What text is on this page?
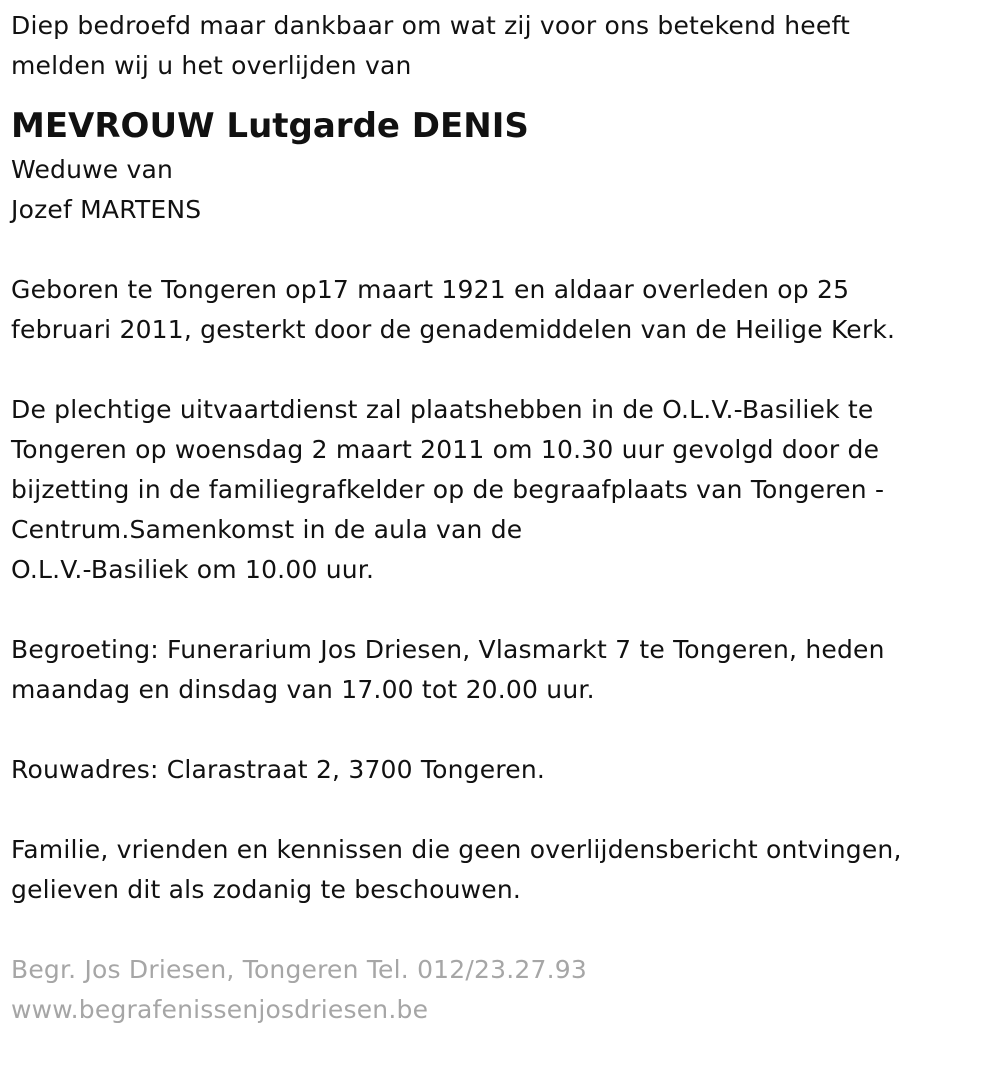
Diep bedroefd maar dankbaar om wat zij voor ons betekend heeft
melden wij u het overlijden van
MEVROUW Lutgarde DENIS
Weduwe van
Jozef MARTENS
Geboren te Tongeren op17 maart 1921 en aldaar overleden op 25
februari 2011, gesterkt door de genademiddelen van de Heilige Kerk.
De plechtige uitvaartdienst zal plaatshebben in de O.L.V.-Basiliek te
Tongeren op woensdag 2 maart 2011 om 10.30 uur gevolgd door de
bijzetting in de familiegrafkelder op de begraafplaats van Tongeren -
Centrum.Samenkomst in de aula van de
O.L.V.-Basiliek om 10.00 uur.
Begroeting: Funerarium Jos Driesen, Vlasmarkt 7 te Tongeren, heden
maandag en dinsdag van 17.00 tot 20.00 uur.
Rouwadres: Clarastraat 2, 3700 Tongeren.
Familie, vrienden en kennissen die geen overlijdensbericht ontvingen,
gelieven dit als zodanig te beschouwen.
Begr. Jos Driesen, Tongeren Tel. 012/23.27.93
www.begrafenissenjosdriesen.be
